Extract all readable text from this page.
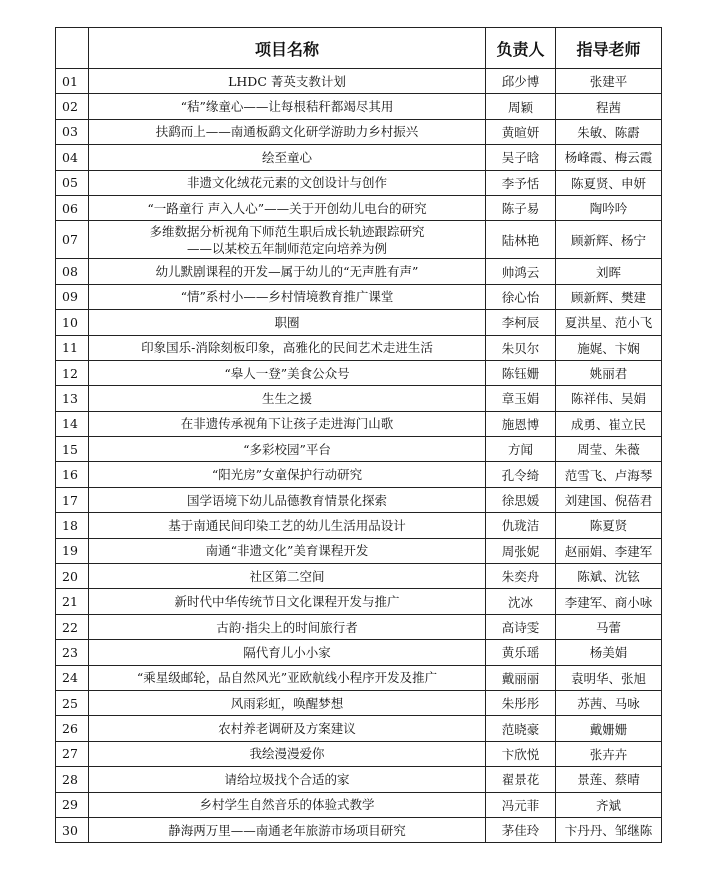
	项目名称	负责人	指导老师
01	LHDC 菁英支教计划	邱少博	张建平
02	“秸”缘童心——让每根秸秆都竭尽其用	周颖	程茜
03	扶鹞而上——南通板鹞文化研学游助力乡村振兴	黄暄妍	朱敏、陈霨
04	绘至童心	吴子晗	杨峰霞、梅云霞
05	非遗文化绒花元素的文创设计与创作	李予恬	陈夏贤、申妍
06	“一路童行 声入人心”——关于开创幼儿电台的研究	陈子易	陶吟吟
07	多维数据分析视角下师范生职后成长轨迹跟踪研究
——以某校五年制师范定向培养为例	陆林艳	顾新辉、杨宁
08	幼儿默剧课程的开发—属于幼儿的“无声胜有声”	帅鸿云	刘晖
09	“情”系村小——乡村情境教育推广课堂	徐心怡	顾新辉、樊建
10	职圈	李柯辰	夏洪星、范小飞
11	印象国乐-消除刻板印象，高雅化的民间艺术走进生活	朱贝尔	施娓、卞娴
12	“皋人一登”美食公众号	陈钰姗	姚丽君
13	生生之援	章玉娟	陈祥伟、吴娟
14	在非遗传承视角下让孩子走进海门山歌	施恩博	成勇、崔立民
15	“多彩校园”平台	方闻	周莹、朱薇
16	“阳光房”女童保护行动研究	孔令绮	范雪飞、卢海琴
17	国学语境下幼儿品德教育情景化探索	徐思媛	刘建国、倪蓓君
18	基于南通民间印染工艺的幼儿生活用品设计	仇珑洁	陈夏贤
19	南通“非遗文化”美育课程开发	周张妮	赵丽娟、李建军
20	社区第二空间	朱奕舟	陈斌、沈铉
21	新时代中华传统节日文化课程开发与推广	沈冰	李建军、商小咏
22	古韵·指尖上的时间旅行者	高诗雯	马蕾
23	隔代育儿小小家	黄乐瑶	杨美娟
24	“乘星级邮轮，品自然风光”亚欧航线小程序开发及推广	戴丽丽	袁明华、张旭
25	风雨彩虹，唤醒梦想	朱彤彤	苏茜、马咏
26	农村养老调研及方案建议	范晓豪	戴姗姗
27	我绘漫漫爱你	卞欣悦	张卉卉
28	请给垃圾找个合适的家	翟景花	景莲、蔡晴
29	乡村学生自然音乐的体验式教学	冯元菲	齐斌
30	静海两万里——南通老年旅游市场项目研究	茅佳玲	卞丹丹、邹继陈
